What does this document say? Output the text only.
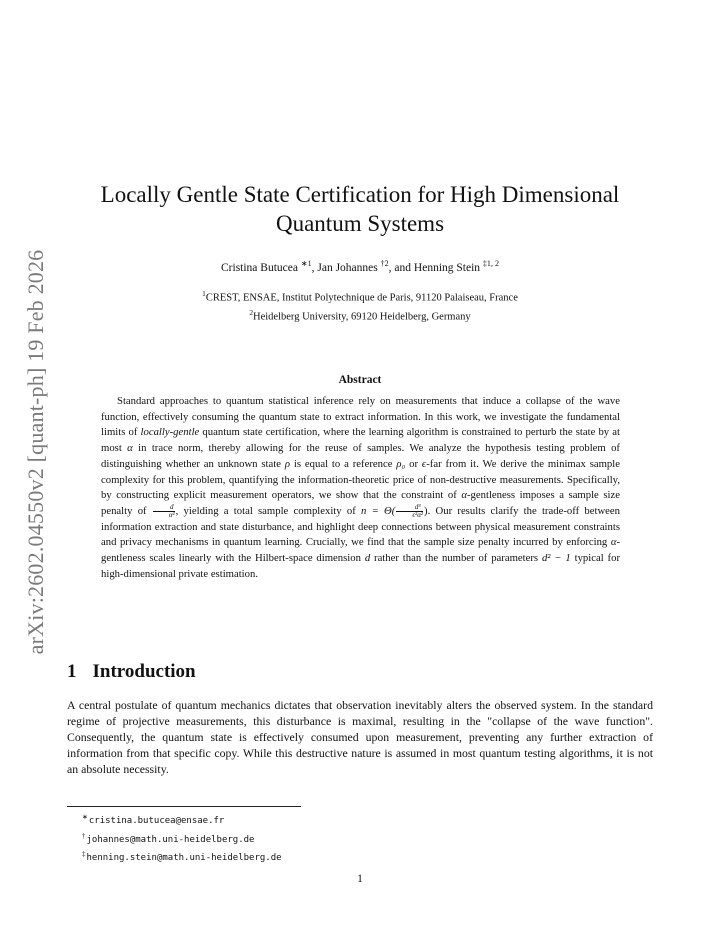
arXiv:2602.04550v2 [quant-ph] 19 Feb 2026
Locally Gentle State Certification for High Dimensional
Quantum Systems
Cristina Butucea $^{∗1}$, Jan Johannes $^{\dagger 2}$, and Henning Stein $^{\ddagger 1, 2}$
$^1$CREST, ENSAE, Institut Polytechnique de Paris, 91120 Palaiseau, France
$^2$Heidelberg University, 69120 Heidelberg, Germany
Abstract

Standard approaches to quantum statistical inference rely on measurements that induce a collapse of the wave function, effectively consuming the quantum state to extract information. In this work, we investigate the fundamental limits of locally-gentle quantum state certification, where the learning algorithm is constrained to perturb the state by at most α in trace norm, thereby allowing for the reuse of samples. We analyze the hypothesis testing problem of distinguishing whether an unknown state ρ is equal to a reference ρ₀ or ϵ-far from it. We derive the minimax sample complexity for this problem, quantifying the information-theoretic price of non-destructive measurements. Specifically, by constructing explicit measurement operators, we show that the constraint of α-gentleness imposes a sample size penalty of $\frac{d}{\text{α²}}$ , yielding a total sample complexity of $n = \Theta( \frac{\text{d³}}{\text{ϵ²α²}}$ ). Our results clarify the trade-off between information extraction and state disturbance, and highlight deep connections between physical measurement constraints and privacy mechanisms in quantum learning. Crucially, we find that the sample size penalty incurred by enforcing α-gentleness scales linearly with the Hilbert-space dimension d rather than the number of parameters d² − 1 typical for high-dimensional private estimation.

1 Introduction

A central postulate of quantum mechanics dictates that observation inevitably alters the observed system. In the standard regime of projective measurements, this disturbance is maximal, resulting in the "collapse of the wave function". Consequently, the quantum state is effectively consumed upon measurement, preventing any further extraction of information from that specific copy. While this destructive nature is assumed in most quantum testing algorithms, it is not an absolute necessity.

∗cristina.butucea@ensae.fr
†johannes@math.uni-heidelberg.de
‡henning.stein@math.uni-heidelberg.de
1
